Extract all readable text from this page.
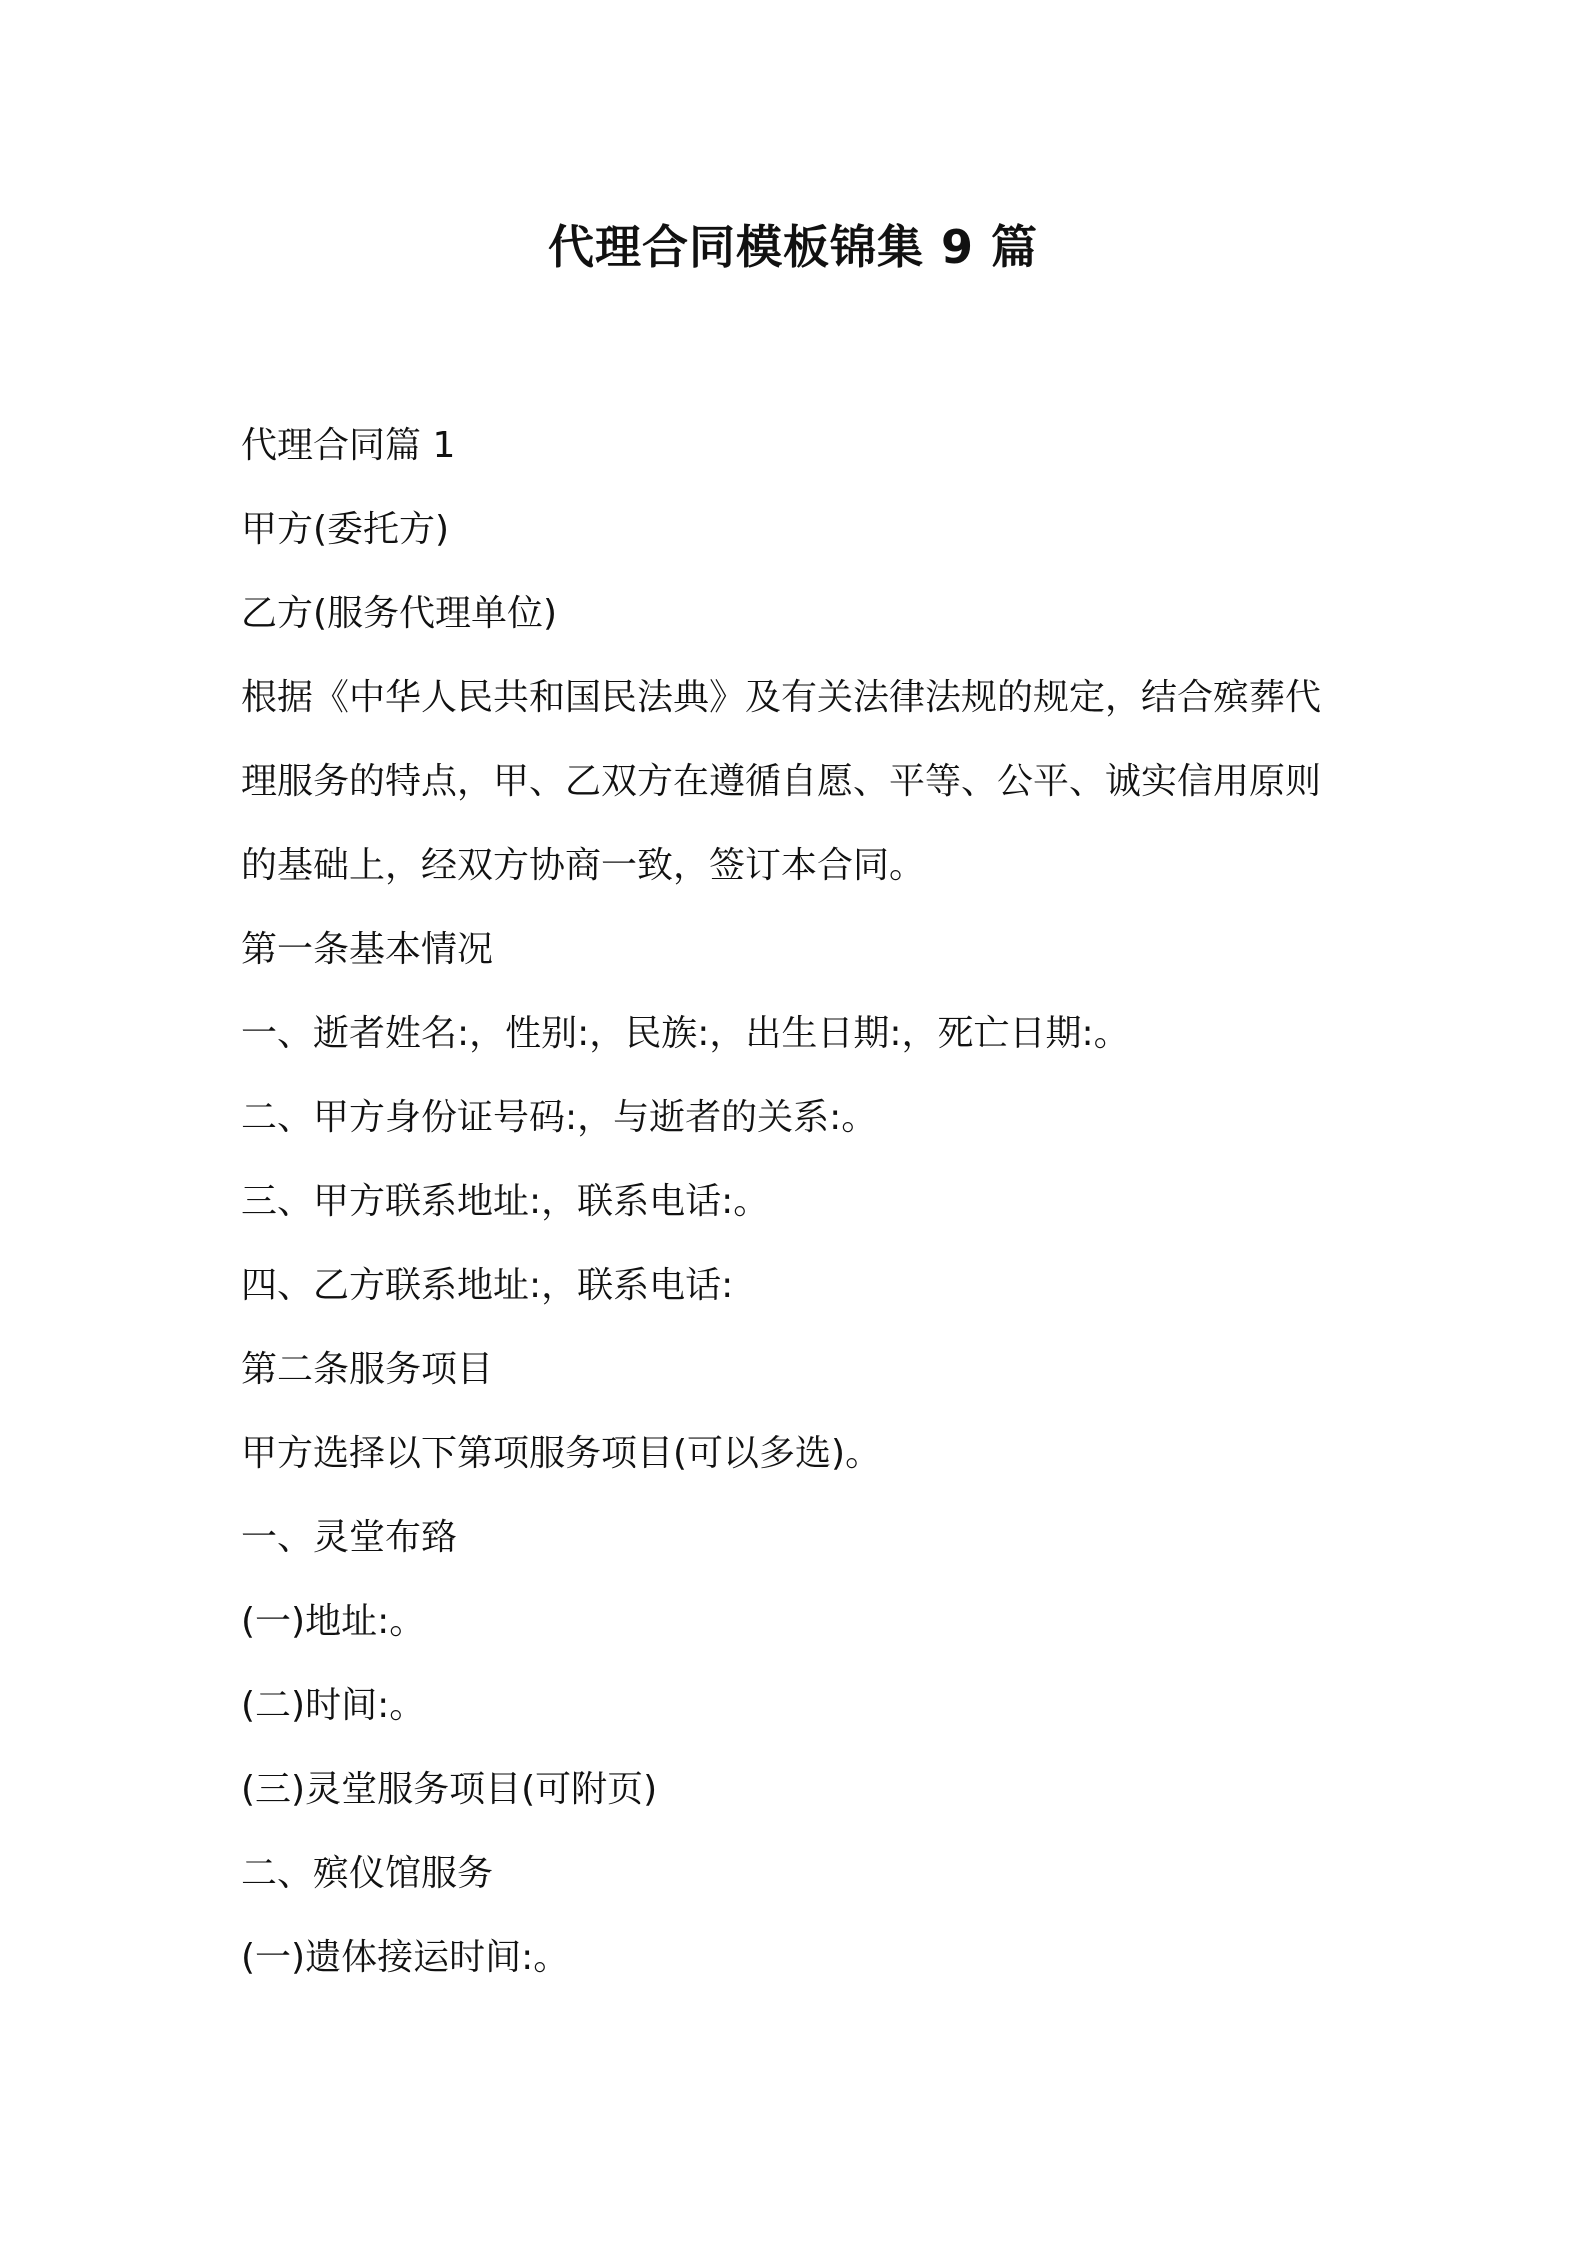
代理合同模板锦集 9 篇

代理合同篇 1

甲方(委托方)

乙方(服务代理单位)

根据《中华人民共和国民法典》及有关法律法规的规定，结合殡葬代

理服务的特点，甲、乙双方在遵循自愿、平等、公平、诚实信用原则

的基础上，经双方协商一致，签订本合同。

第一条基本情况

一、逝者姓名:，性别:，民族:，出生日期:，死亡日期:。

二、甲方身份证号码:，与逝者的关系:。

三、甲方联系地址:，联系电话:。

四、乙方联系地址:，联系电话:

第二条服务项目

甲方选择以下第项服务项目(可以多选)。

一、灵堂布臵

(一)地址:。

(二)时间:。

(三)灵堂服务项目(可附页)

二、殡仪馆服务

(一)遗体接运时间:。
